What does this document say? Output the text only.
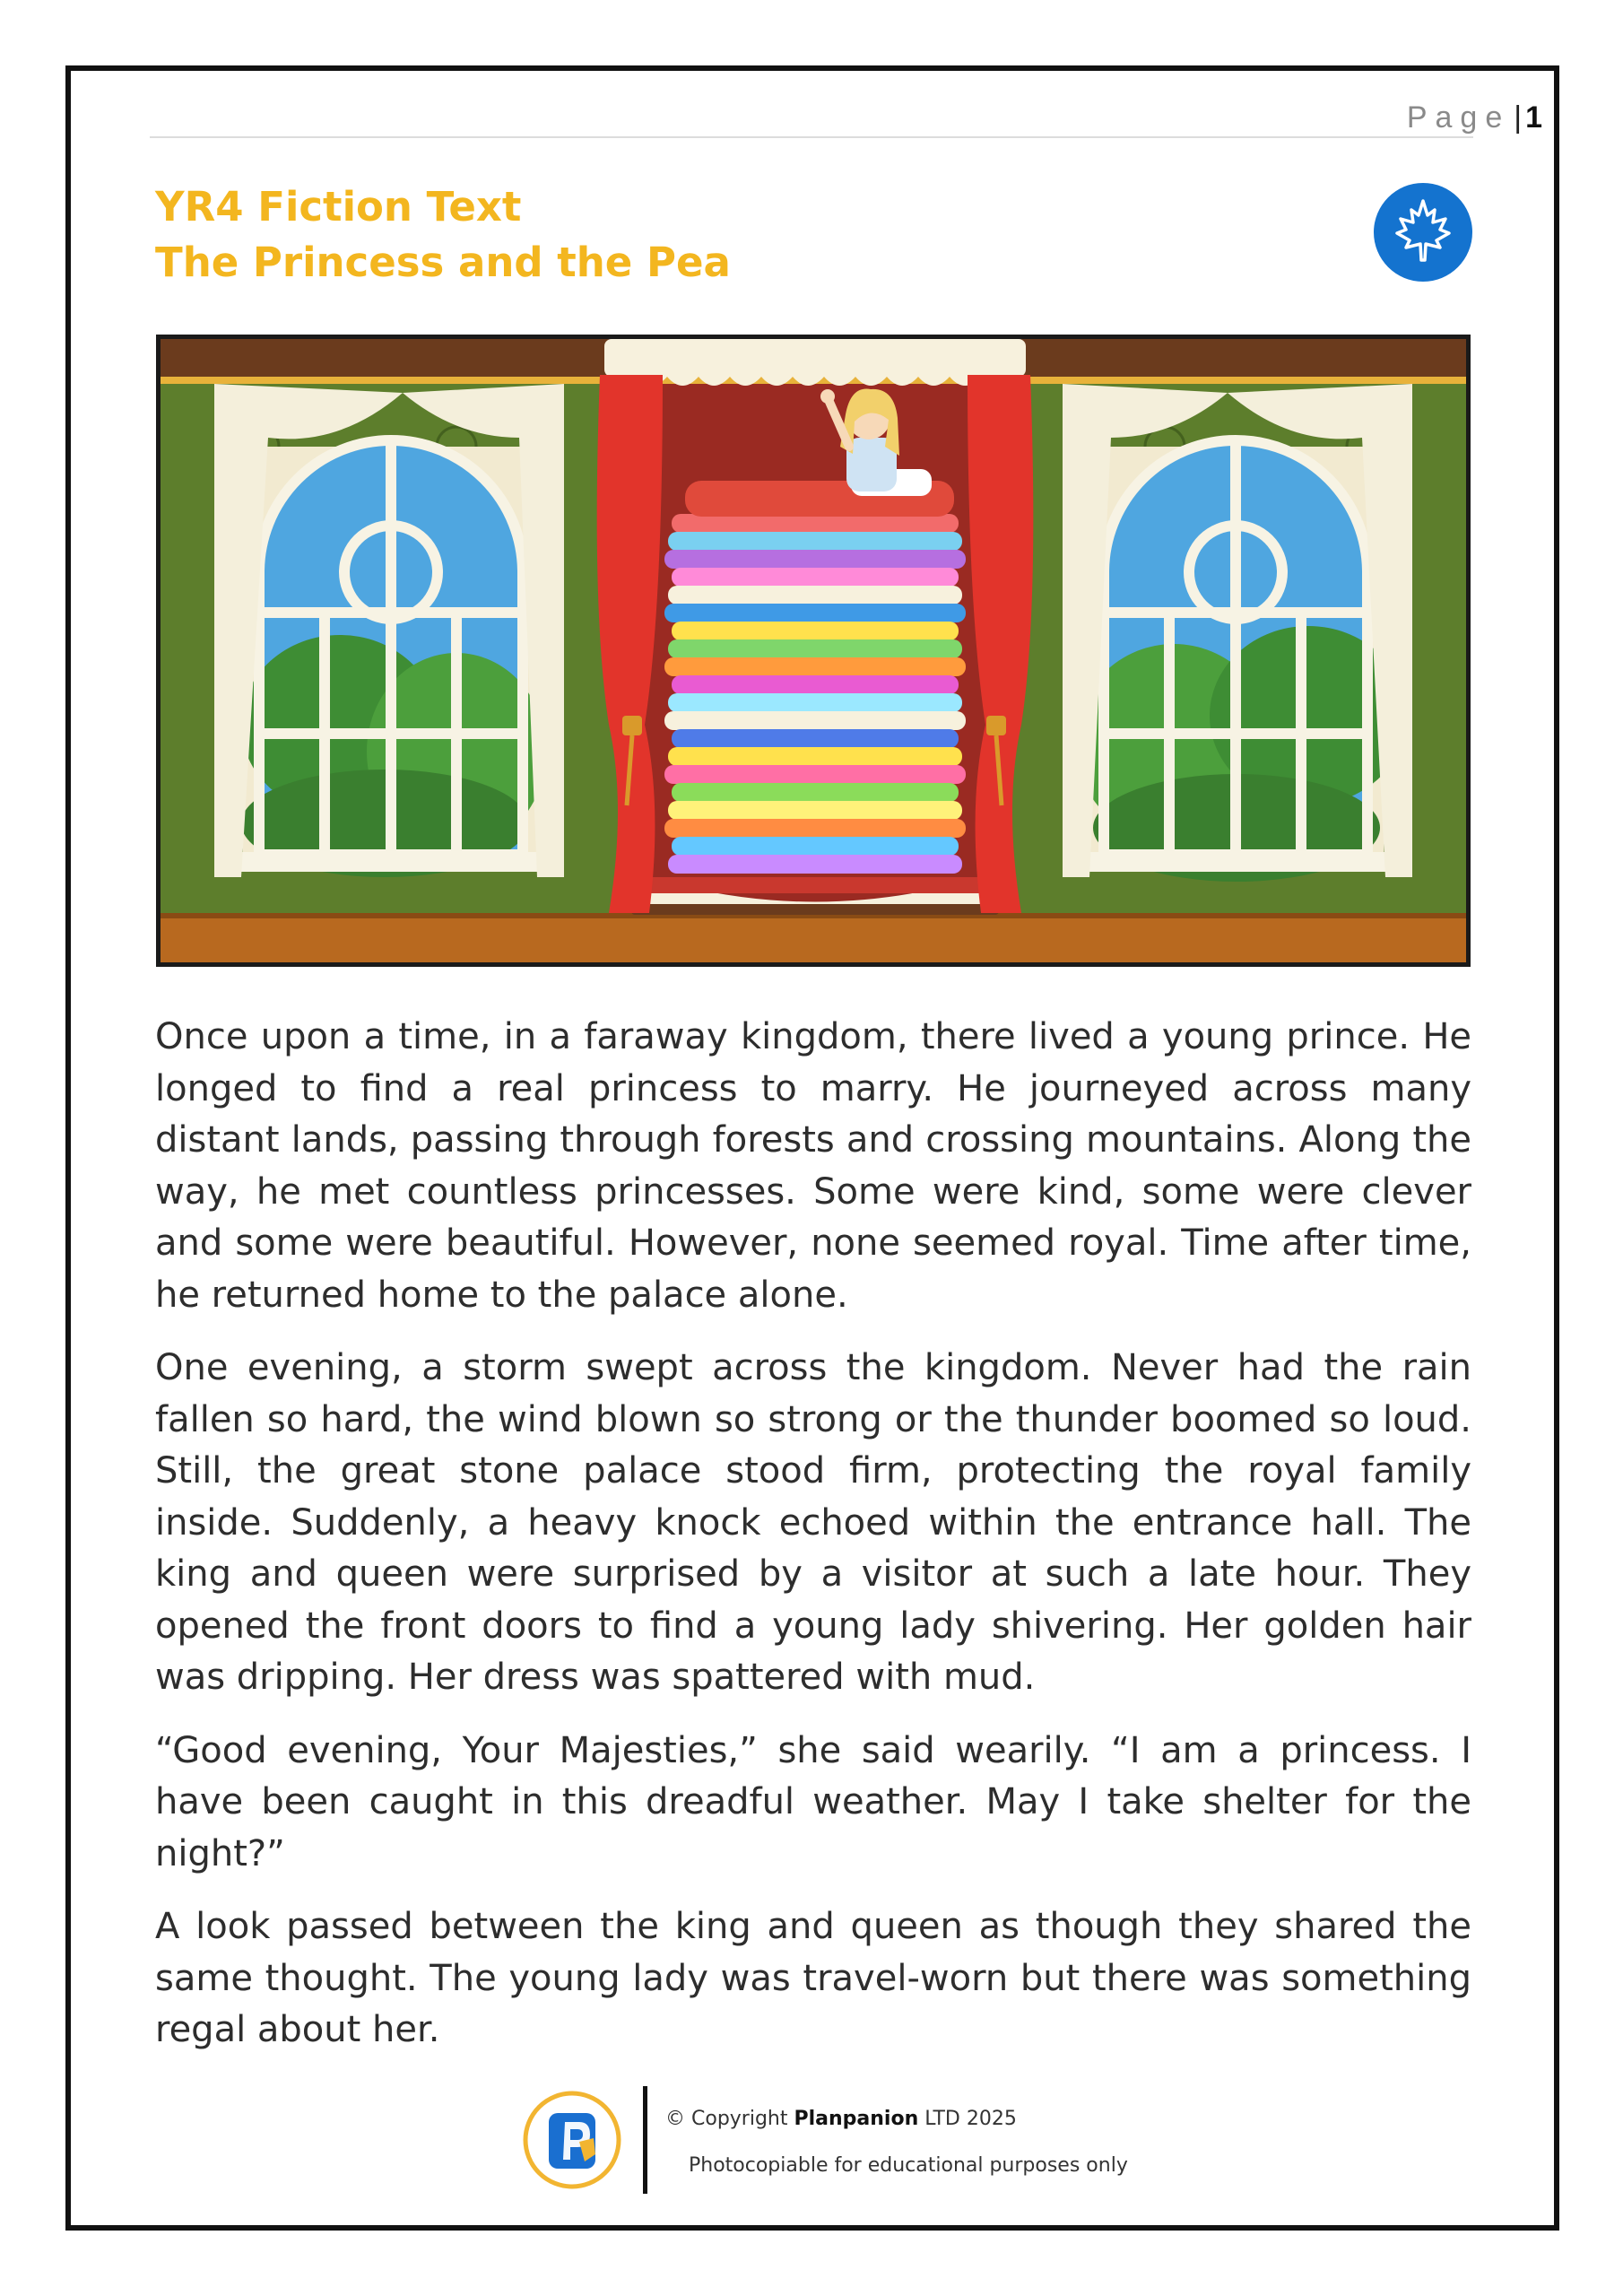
Page | 1
YR4 Fiction Text
The Princess and the Pea

Once upon a time, in a faraway kingdom, there lived a young prince. He longed to find a real princess to marry. He journeyed across many distant lands, passing through forests and crossing mountains. Along the way, he met countless princesses. Some were kind, some were clever and some were beautiful. However, none seemed royal. Time after time, he returned home to the palace alone.

One evening, a storm swept across the kingdom. Never had the rain fallen so hard, the wind blown so strong or the thunder boomed so loud. Still, the great stone palace stood firm, protecting the royal family inside. Suddenly, a heavy knock echoed within the entrance hall. The king and queen were surprised by a visitor at such a late hour. They opened the front doors to find a young lady shivering. Her golden hair was dripping. Her dress was spattered with mud.

“Good evening, Your Majesties,” she said wearily. “I am a princess. I have been caught in this dreadful weather. May I take shelter for the night?”

A look passed between the king and queen as though they shared the same thought. The young lady was travel-worn but there was something regal about her.

© Copyright Planpanion LTD 2025
Photocopiable for educational purposes only
